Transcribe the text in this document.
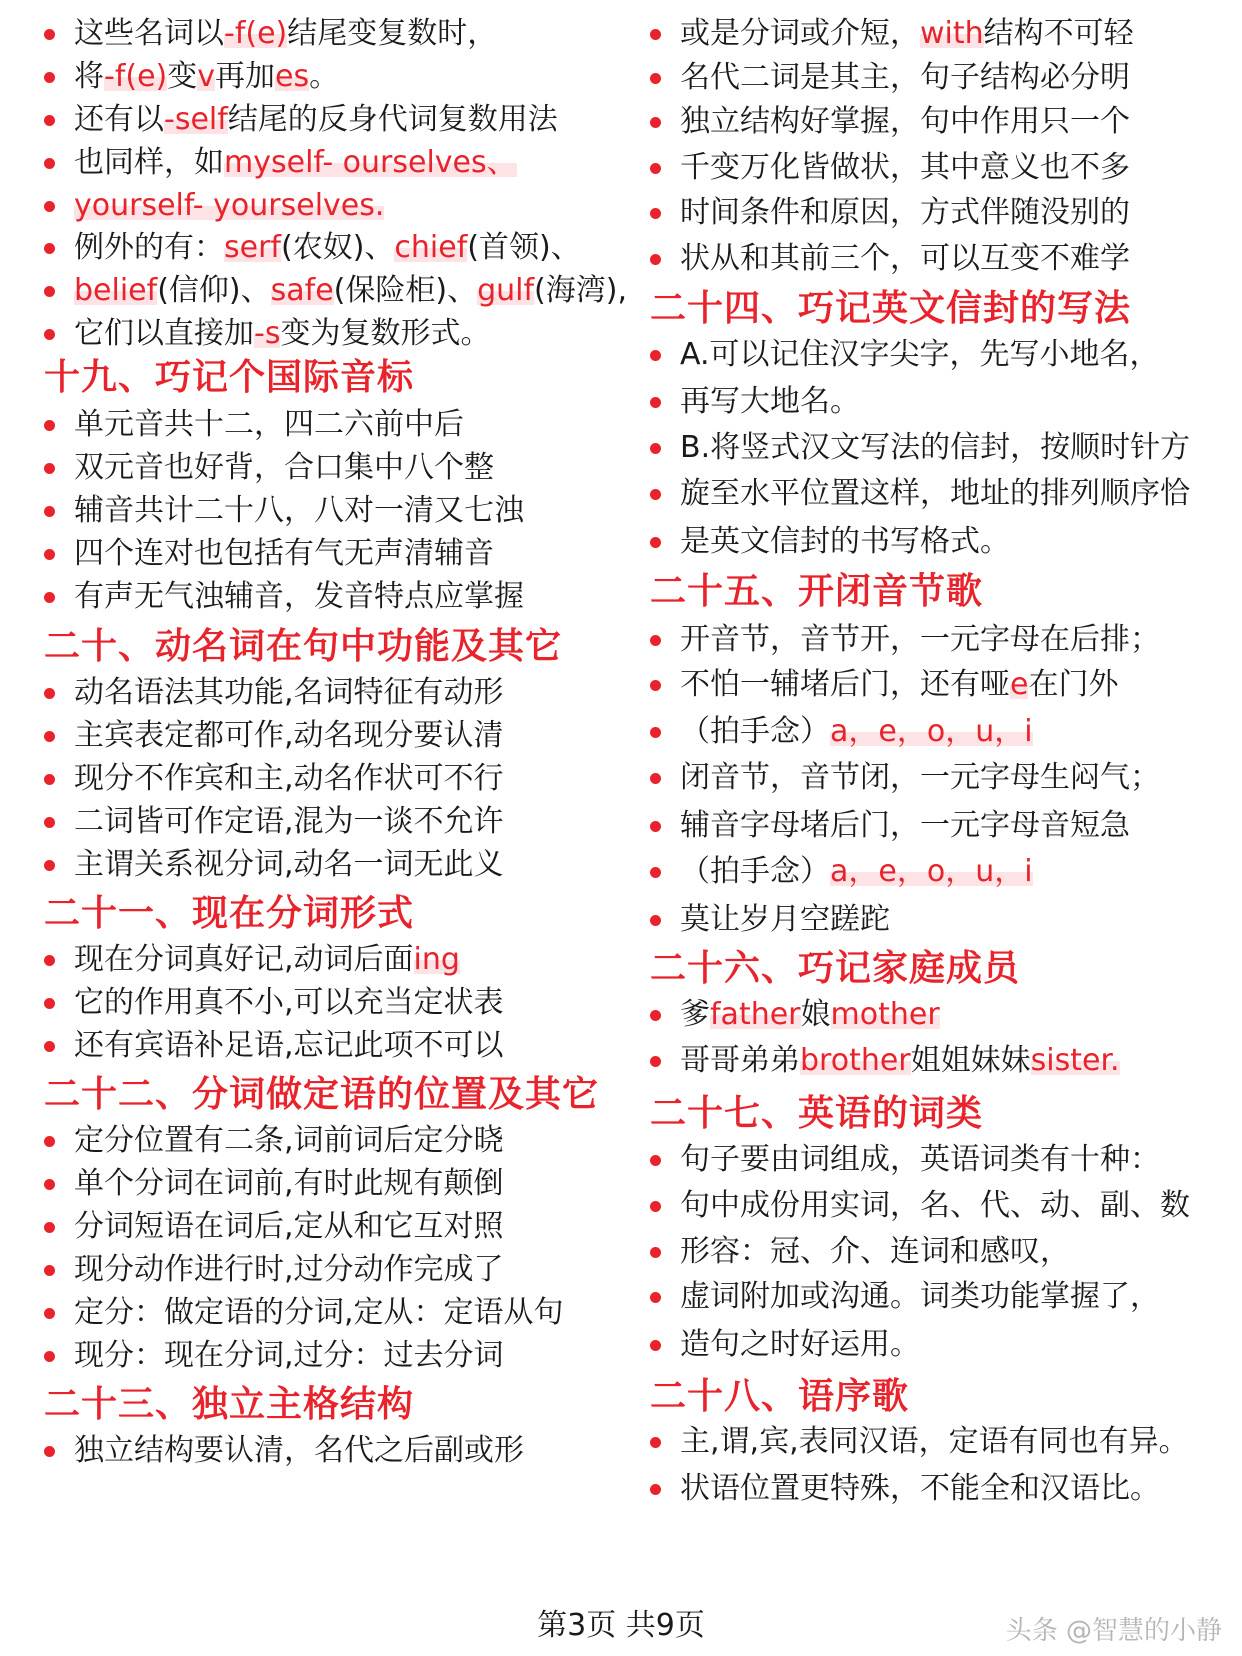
这些名词以-f(e)结尾变复数时，
将-f(e)变v再加es。
还有以-self结尾的反身代词复数用法
也同样，如myself- ourselves、
yourself- yourselves.
例外的有：serf(农奴)、chief(首领)、
belief(信仰)、safe(保险柜)、gulf(海湾),
它们以直接加-s变为复数形式。
十九、巧记个国际音标
单元音共十二，四二六前中后
双元音也好背，合口集中八个整
辅音共计二十八，八对一清又七浊
四个连对也包括有气无声清辅音
有声无气浊辅音，发音特点应掌握
二十、动名词在句中功能及其它
动名语法其功能,名词特征有动形
主宾表定都可作,动名现分要认清
现分不作宾和主,动名作状可不行
二词皆可作定语,混为一谈不允许
主谓关系视分词,动名一词无此义
二十一、现在分词形式
现在分词真好记,动词后面ing
它的作用真不小,可以充当定状表
还有宾语补足语,忘记此项不可以
二十二、分词做定语的位置及其它
定分位置有二条,词前词后定分晓
单个分词在词前,有时此规有颠倒
分词短语在词后,定从和它互对照
现分动作进行时,过分动作完成了
定分：做定语的分词,定从：定语从句
现分：现在分词,过分：过去分词
二十三、独立主格结构
独立结构要认清，名代之后副或形
或是分词或介短，with结构不可轻
名代二词是其主，句子结构必分明
独立结构好掌握，句中作用只一个
千变万化皆做状，其中意义也不多
时间条件和原因，方式伴随没别的
状从和其前三个，可以互变不难学
二十四、巧记英文信封的写法
A.可以记住汉字尖字，先写小地名，
再写大地名。
B.将竖式汉文写法的信封，按顺时针方
旋至水平位置这样，地址的排列顺序恰
是英文信封的书写格式。
二十五、开闭音节歌
开音节，音节开，一元字母在后排；
不怕一辅堵后门，还有哑e在门外
（拍手念）a，e，o，u，i
闭音节，音节闭，一元字母生闷气；
辅音字母堵后门，一元字母音短急
（拍手念）a，e，o，u，i
莫让岁月空蹉跎
二十六、巧记家庭成员
爹father娘mother
哥哥弟弟brother姐姐妹妹sister.
二十七、英语的词类
句子要由词组成，英语词类有十种：
句中成份用实词，名、代、动、副、数
形容：冠、介、连词和感叹，
虚词附加或沟通。词类功能掌握了，
造句之时好运用。
二十八、语序歌
主,谓,宾,表同汉语，定语有同也有异。
状语位置更特殊，不能全和汉语比。
第3页 共9页	头条 @智慧的小静
